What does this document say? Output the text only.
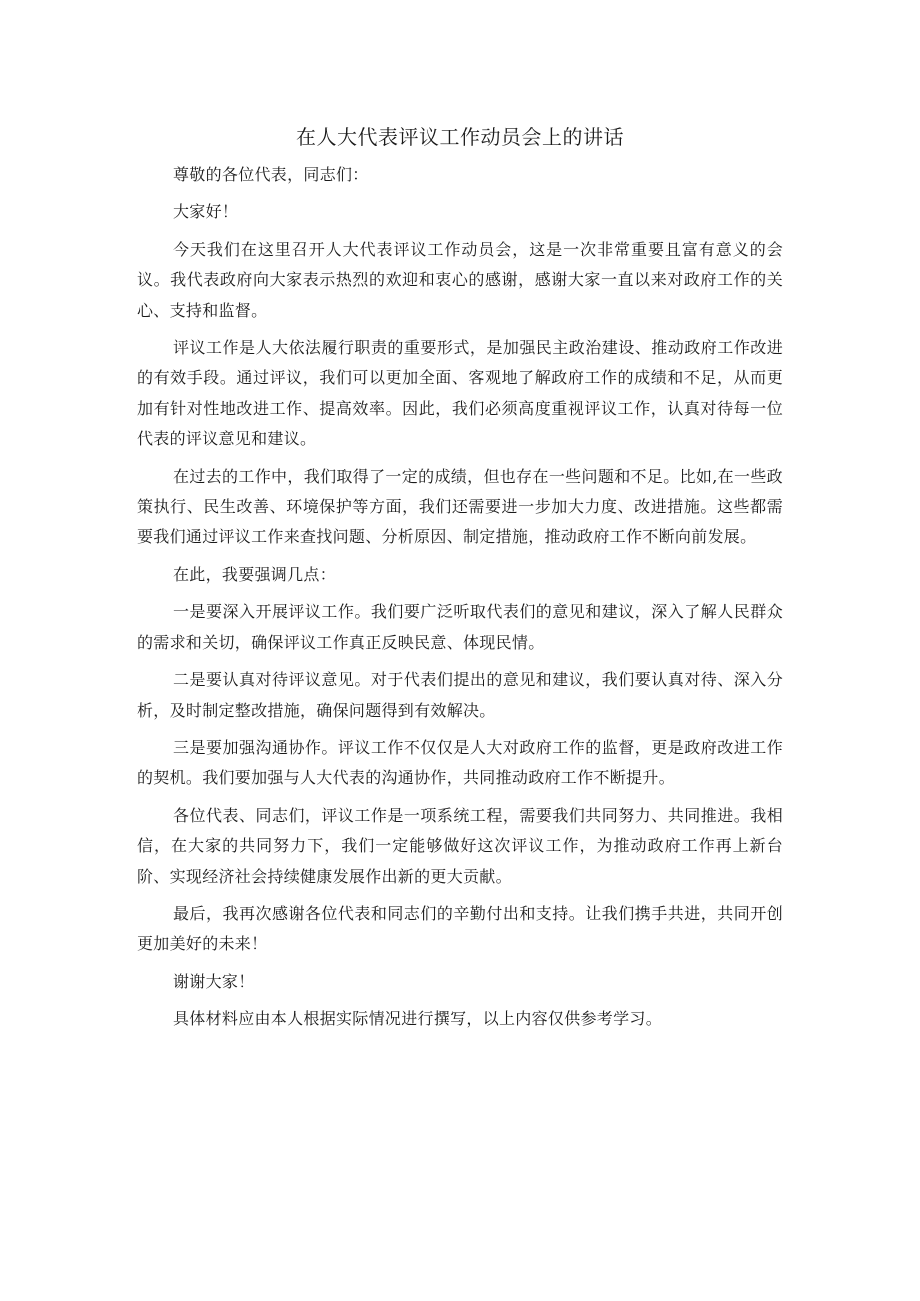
在人大代表评议工作动员会上的讲话

尊敬的各位代表，同志们：

大家好！

今天我们在这里召开人大代表评议工作动员会，这是一次非常重要且富有意义的会议。我代表政府向大家表示热烈的欢迎和衷心的感谢，感谢大家一直以来对政府工作的关心、支持和监督。

评议工作是人大依法履行职责的重要形式，是加强民主政治建设、推动政府工作改进的有效手段。通过评议，我们可以更加全面、客观地了解政府工作的成绩和不足，从而更加有针对性地改进工作、提高效率。因此，我们必须高度重视评议工作，认真对待每一位代表的评议意见和建议。

在过去的工作中，我们取得了一定的成绩，但也存在一些问题和不足。比如,在一些政策执行、民生改善、环境保护等方面，我们还需要进一步加大力度、改进措施。这些都需要我们通过评议工作来查找问题、分析原因、制定措施，推动政府工作不断向前发展。

在此，我要强调几点：

一是要深入开展评议工作。我们要广泛听取代表们的意见和建议，深入了解人民群众的需求和关切，确保评议工作真正反映民意、体现民情。

二是要认真对待评议意见。对于代表们提出的意见和建议，我们要认真对待、深入分析，及时制定整改措施，确保问题得到有效解决。

三是要加强沟通协作。评议工作不仅仅是人大对政府工作的监督，更是政府改进工作的契机。我们要加强与人大代表的沟通协作，共同推动政府工作不断提升。

各位代表、同志们，评议工作是一项系统工程，需要我们共同努力、共同推进。我相信，在大家的共同努力下，我们一定能够做好这次评议工作，为推动政府工作再上新台阶、实现经济社会持续健康发展作出新的更大贡献。

最后，我再次感谢各位代表和同志们的辛勤付出和支持。让我们携手共进，共同开创更加美好的未来！

谢谢大家！

具体材料应由本人根据实际情况进行撰写，以上内容仅供参考学习。
